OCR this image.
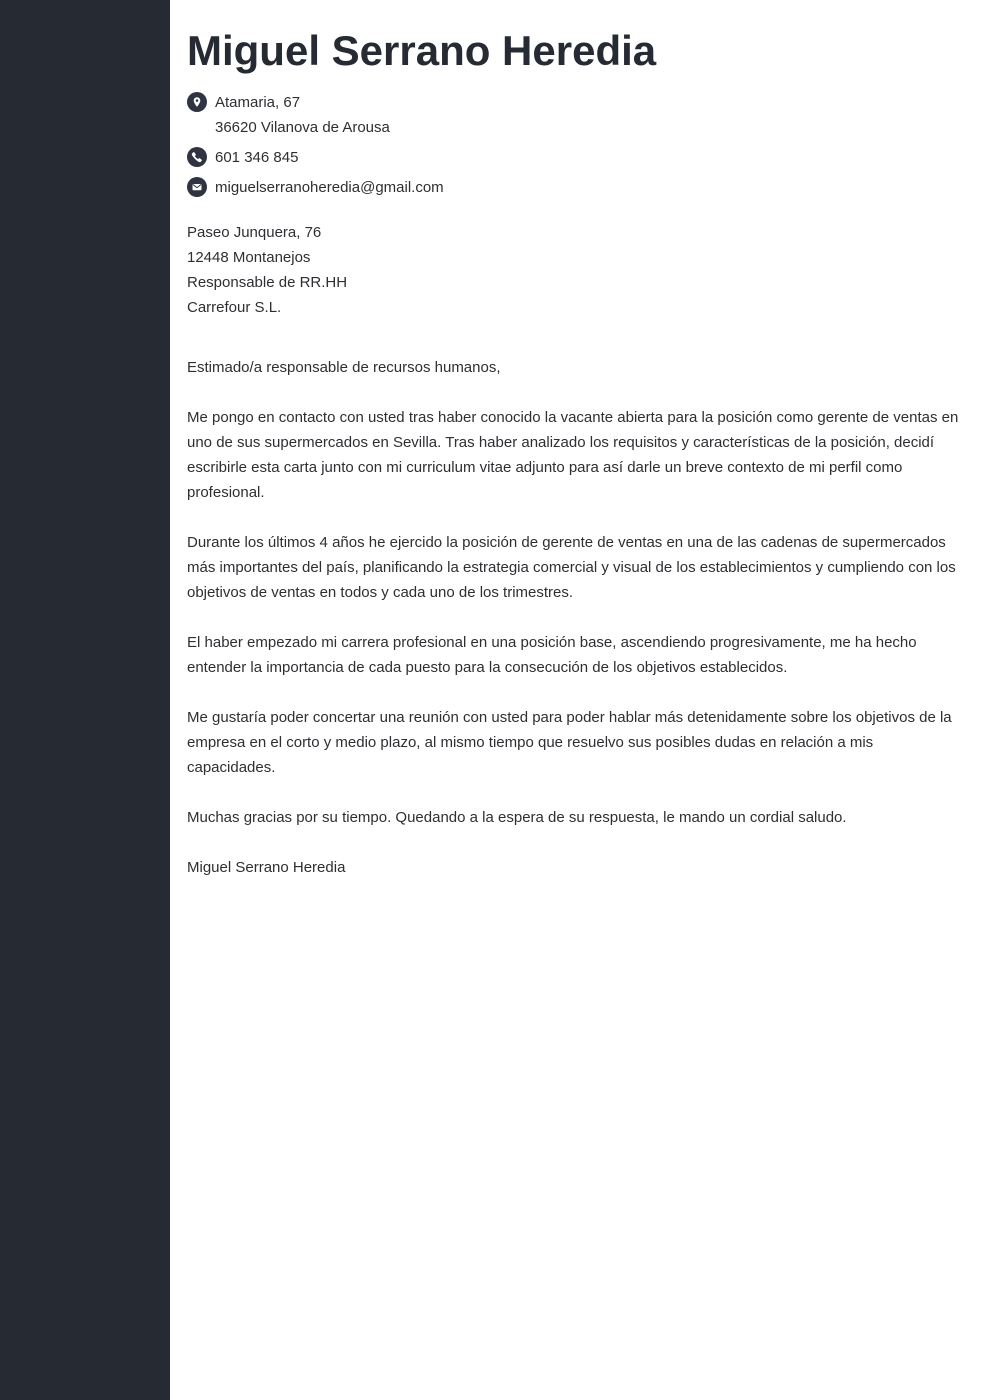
Miguel Serrano Heredia
Atamaria, 67
36620 Vilanova de Arousa
601 346 845
miguelserranoheredia@gmail.com
Paseo Junquera, 76
12448 Montanejos
Responsable de RR.HH
Carrefour S.L.

Estimado/a responsable de recursos humanos,

Me pongo en contacto con usted tras haber conocido la vacante abierta para la posición como gerente de ventas en uno de sus supermercados en Sevilla. Tras haber analizado los requisitos y características de la posición, decidí escribirle esta carta junto con mi curriculum vitae adjunto para así darle un breve contexto de mi perfil como profesional.

Durante los últimos 4 años he ejercido la posición de gerente de ventas en una de las cadenas de supermercados más importantes del país, planificando la estrategia comercial y visual de los establecimientos y cumpliendo con los objetivos de ventas en todos y cada uno de los trimestres.

El haber empezado mi carrera profesional en una posición base, ascendiendo progresivamente, me ha hecho entender la importancia de cada puesto para la consecución de los objetivos establecidos.

Me gustaría poder concertar una reunión con usted para poder hablar más detenidamente sobre los objetivos de la empresa en el corto y medio plazo, al mismo tiempo que resuelvo sus posibles dudas en relación a mis capacidades.

Muchas gracias por su tiempo. Quedando a la espera de su respuesta, le mando un cordial saludo.

Miguel Serrano Heredia
